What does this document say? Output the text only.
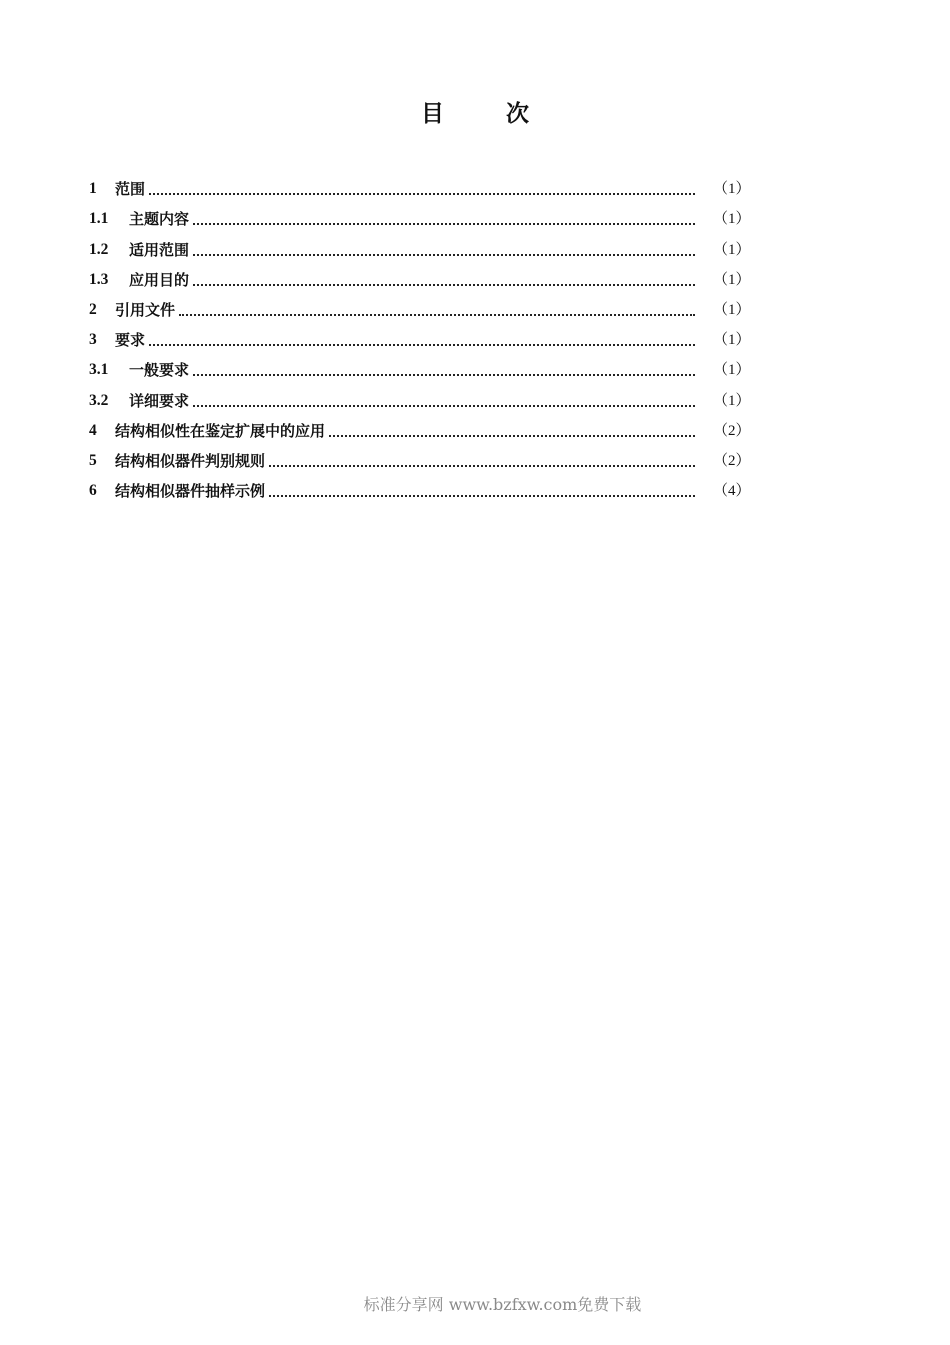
目	次
1	范围	（1）
1.1	主题内容	（1）
1.2	适用范围	（1）
1.3	应用目的	（1）
2	引用文件	（1）
3	要求	（1）
3.1	一般要求	（1）
3.2	详细要求	（1）
4	结构相似性在鉴定扩展中的应用	（2）
5	结构相似器件判别规则	（2）
6	结构相似器件抽样示例	（4）
标准分享网 www.bzfxw.com免费下载
